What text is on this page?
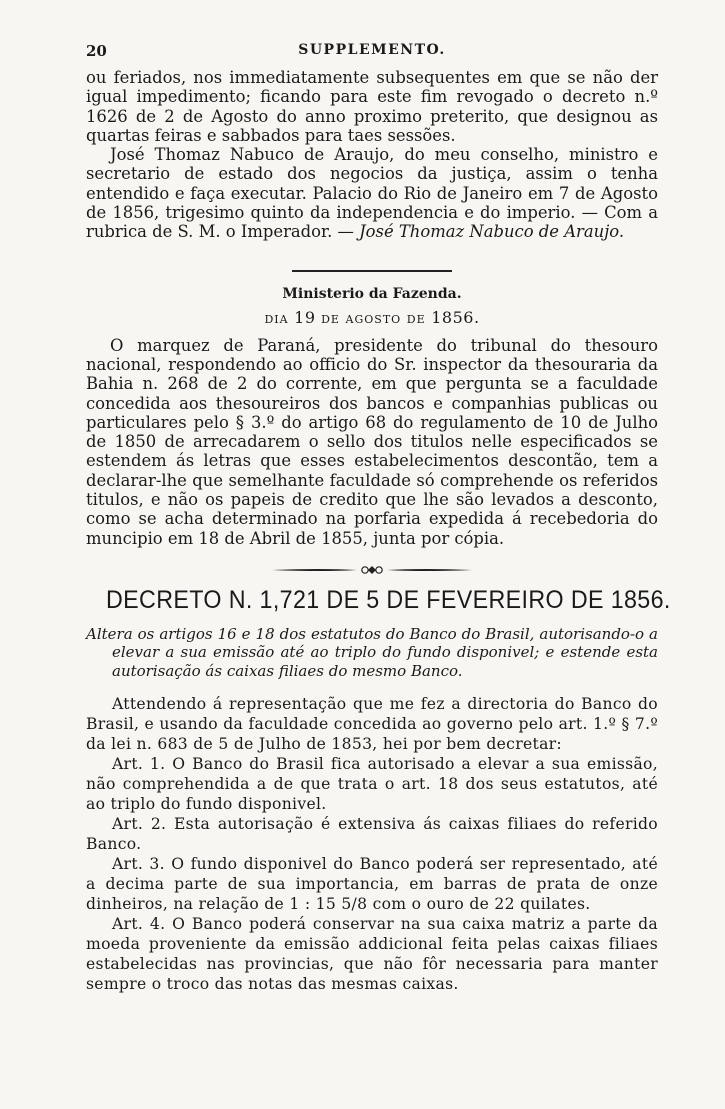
20	SUPPLEMENTO.

ou feriados, nos immediatamente subsequentes em que se não der igual impedimento; ficando para este fim revogado o decreto n.º 1626 de 2 de Agosto do anno proximo preterito, que designou as quartas feiras e sabbados para taes sessões.

José Thomaz Nabuco de Araujo, do meu conselho, ministro e secretario de estado dos negocios da justiça, assim o tenha entendido e faça executar. Palacio do Rio de Janeiro em 7 de Agosto de 1856, trigesimo quinto da independencia e do imperio. — Com a rubrica de S. M. o Imperador. — José Thomaz Nabuco de Araujo.

Ministerio da Fazenda.
DIA 19 DE AGOSTO DE 1856.

O marquez de Paraná, presidente do tribunal do thesouro nacional, respondendo ao officio do Sr. inspector da thesouraria da Bahia n. 268 de 2 do corrente, em que pergunta se a faculdade concedida aos thesoureiros dos bancos e companhias publicas ou particulares pelo § 3.º do artigo 68 do regulamento de 10 de Julho de 1850 de arrecadarem o sello dos titulos nelle especificados se estendem ás letras que esses estabelecimentos descontão, tem a declarar-lhe que semelhante faculdade só comprehende os referidos titulos, e não os papeis de credito que lhe são levados a desconto, como se acha determinado na porfaria expedida á recebedoria do muncipio em 18 de Abril de 1855, junta por cópia.

DECRETO N. 1,721 DE 5 DE FEVEREIRO DE 1856.
Altera os artigos 16 e 18 dos estatutos do Banco do Brasil, autorisando-o a elevar a sua emissão até ao triplo do fundo disponivel; e estende esta autorisação ás caixas filiaes do mesmo Banco.

Attendendo á representação que me fez a directoria do Banco do Brasil, e usando da faculdade concedida ao governo pelo art. 1.º § 7.º da lei n. 683 de 5 de Julho de 1853, hei por bem decretar:

Art. 1. O Banco do Brasil fica autorisado a elevar a sua emissão, não comprehendida a de que trata o art. 18 dos seus estatutos, até ao triplo do fundo disponivel.

Art. 2. Esta autorisação é extensiva ás caixas filiaes do referido Banco.

Art. 3. O fundo disponivel do Banco poderá ser representado, até a decima parte de sua importancia, em barras de prata de onze dinheiros, na relação de 1 : 15 5/8 com o ouro de 22 quilates.

Art. 4. O Banco poderá conservar na sua caixa matriz a parte da moeda proveniente da emissão addicional feita pelas caixas filiaes estabelecidas nas provincias, que não fôr necessaria para manter sempre o troco das notas das mesmas caixas.
